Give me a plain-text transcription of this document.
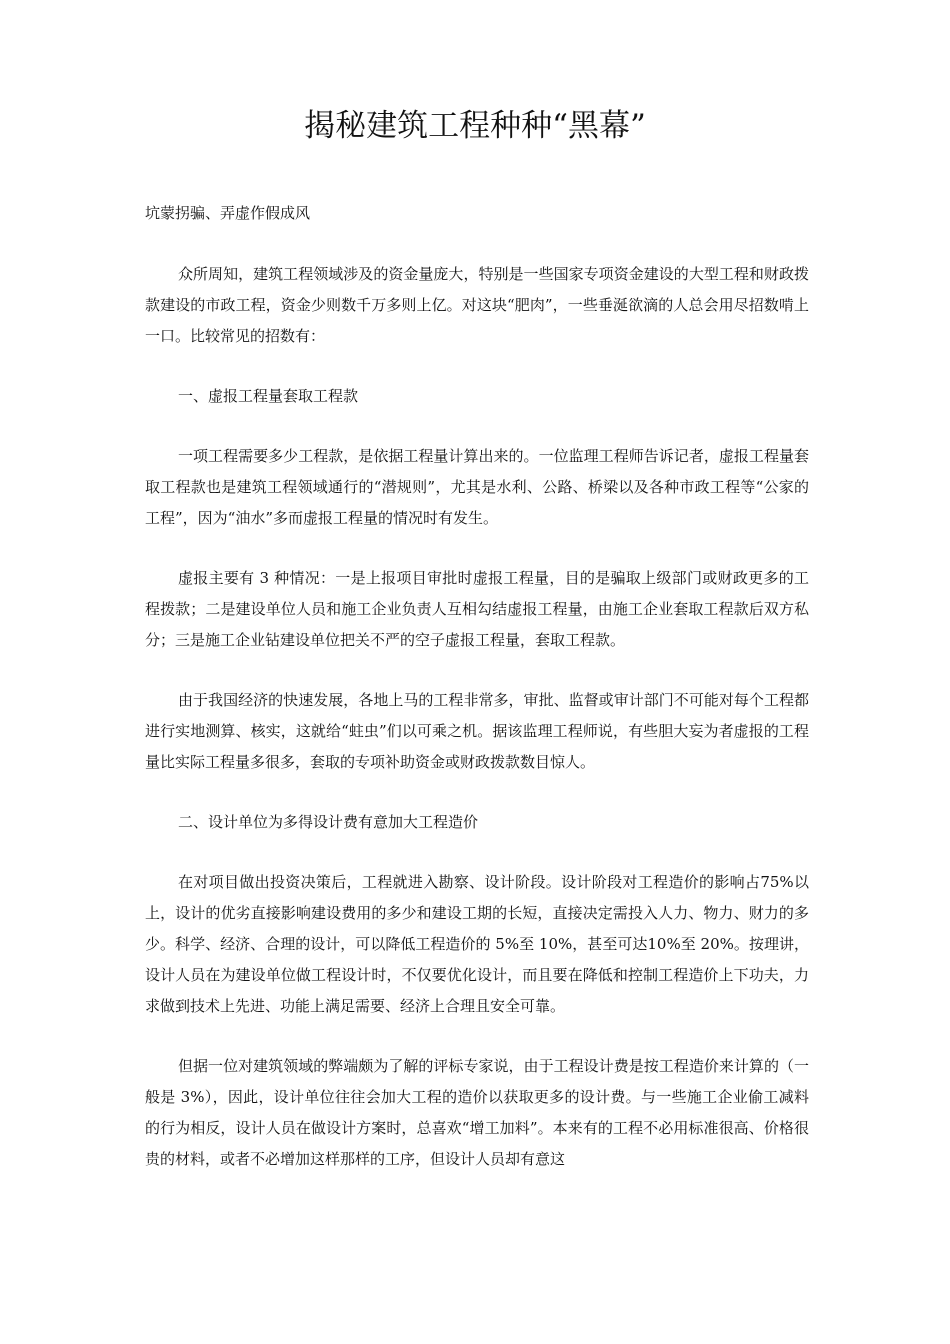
揭秘建筑工程种种“黑幕”

坑蒙拐骗、弄虚作假成风

众所周知，建筑工程领域涉及的资金量庞大，特别是一些国家专项资金建设的大型工程和财政拨款建设的市政工程，资金少则数千万多则上亿。对这块“肥肉”，一些垂涎欲滴的人总会用尽招数啃上一口。比较常见的招数有：

一、虚报工程量套取工程款

一项工程需要多少工程款，是依据工程量计算出来的。一位监理工程师告诉记者，虚报工程量套取工程款也是建筑工程领域通行的“潜规则”，尤其是水利、公路、桥梁以及各种市政工程等“公家的工程”，因为“油水”多而虚报工程量的情况时有发生。

虚报主要有 3 种情况：一是上报项目审批时虚报工程量，目的是骗取上级部门或财政更多的工程拨款；二是建设单位人员和施工企业负责人互相勾结虚报工程量，由施工企业套取工程款后双方私分；三是施工企业钻建设单位把关不严的空子虚报工程量，套取工程款。

由于我国经济的快速发展，各地上马的工程非常多，审批、监督或审计部门不可能对每个工程都进行实地测算、核实，这就给“蛀虫”们以可乘之机。据该监理工程师说，有些胆大妄为者虚报的工程量比实际工程量多很多，套取的专项补助资金或财政拨款数目惊人。

二、设计单位为多得设计费有意加大工程造价

在对项目做出投资决策后，工程就进入勘察、设计阶段。设计阶段对工程造价的影响占75%以上，设计的优劣直接影响建设费用的多少和建设工期的长短，直接决定需投入人力、物力、财力的多少。科学、经济、合理的设计，可以降低工程造价的 5%至 10%，甚至可达10%至 20%。按理讲，设计人员在为建设单位做工程设计时，不仅要优化设计，而且要在降低和控制工程造价上下功夫，力求做到技术上先进、功能上满足需要、经济上合理且安全可靠。

但据一位对建筑领域的弊端颇为了解的评标专家说，由于工程设计费是按工程造价来计算的（一般是 3%），因此，设计单位往往会加大工程的造价以获取更多的设计费。与一些施工企业偷工减料的行为相反，设计人员在做设计方案时，总喜欢“增工加料”。本来有的工程不必用标准很高、价格很贵的材料，或者不必增加这样那样的工序，但设计人员却有意这
